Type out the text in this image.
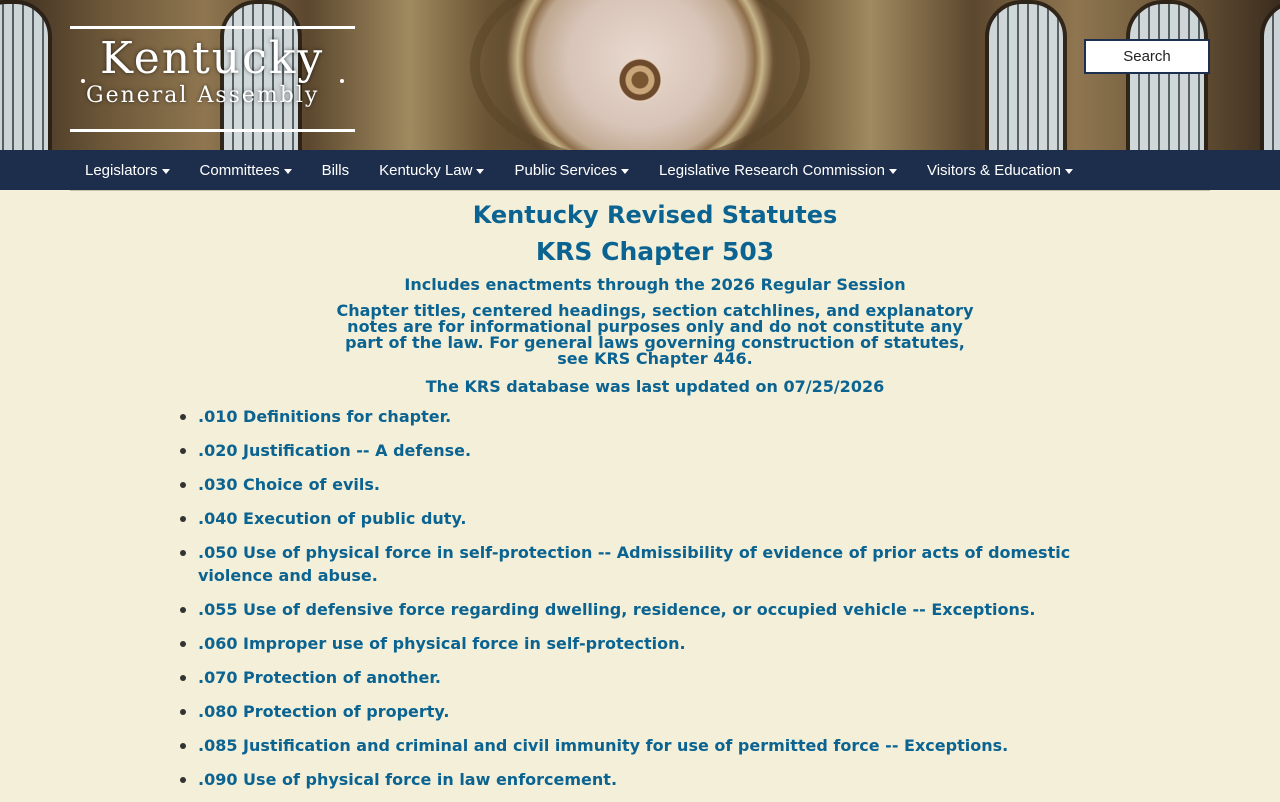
Kentucky
General Assembly
Search
Legislators	Committees	Bills Kentucky Law	Public Services	Legislative Research Commission	Visitors & Education
Kentucky Revised Statutes
KRS Chapter 503
Includes enactments through the 2026 Regular Session
Chapter titles, centered headings, section catchlines, and explanatory notes are for informational purposes only and do not constitute any part of the law. For general laws governing construction of statutes, see KRS Chapter 446.
The KRS database was last updated on 07/25/2026
.010 Definitions for chapter.
.020 Justification -- A defense.
.030 Choice of evils.
.040 Execution of public duty.
.050 Use of physical force in self-protection -- Admissibility of evidence of prior acts of domestic violence and abuse.
.055 Use of defensive force regarding dwelling, residence, or occupied vehicle -- Exceptions.
.060 Improper use of physical force in self-protection.
.070 Protection of another.
.080 Protection of property.
.085 Justification and criminal and civil immunity for use of permitted force -- Exceptions.
.090 Use of physical force in law enforcement.
